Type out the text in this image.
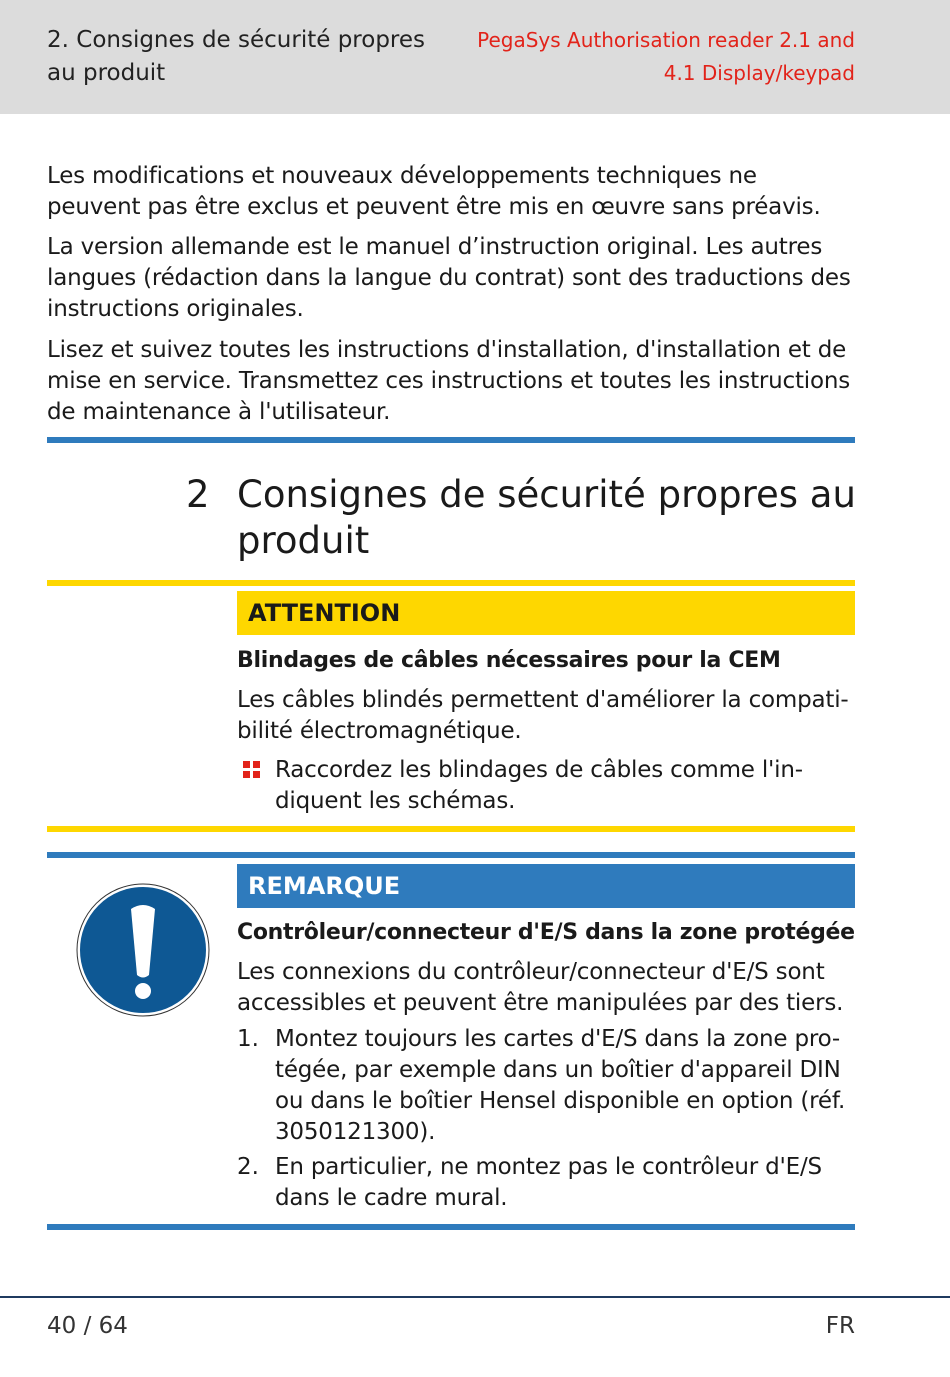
2. Consignes de sécurité propres au produit
PegaSys Authorisation reader 2.1 and 4.1 Display/keypad

Les modifications et nouveaux développements techniques ne peuvent pas être exclus et peuvent être mis en œuvre sans préavis.

La version allemande est le manuel d’instruction original. Les autres langues (rédaction dans la langue du contrat) sont des traductions des instructions originales.

Lisez et suivez toutes les instructions d'installation, d'installation et de mise en service. Transmettez ces instructions et toutes les instructions de maintenance à l'utilisateur.

2 Consignes de sécurité propres au produit
ATTENTION
Blindages de câbles nécessaires pour la CEM
Les câbles blindés permettent d'améliorer la compati-bilité électromagnétique.
Raccordez les blindages de câbles comme l'in-diquent les schémas.
REMARQUE
Contrôleur/connecteur d'E/S dans la zone protégée
Les connexions du contrôleur/connecteur d'E/S sont accessibles et peuvent être manipulées par des tiers.
1. Montez toujours les cartes d'E/S dans la zone pro-tégée, par exemple dans un boîtier d'appareil DIN ou dans le boîtier Hensel disponible en option (réf. 3050121300).
2. En particulier, ne montez pas le contrôleur d'E/S dans le cadre mural.
40 / 64	FR
